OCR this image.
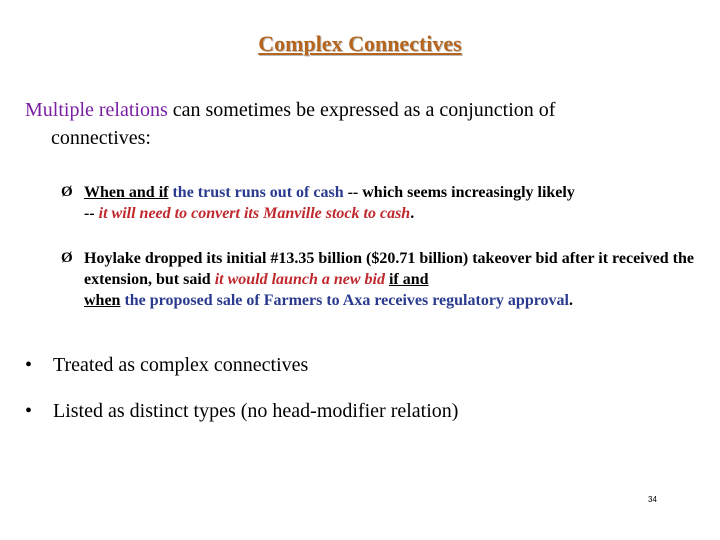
Complex Connectives
Multiple relations can sometimes be expressed as a conjunction of
connectives:
Ø When and if the trust runs out of cash -- which seems increasingly likely
-- it will need to convert its Manville stock to cash.
Ø Hoylake dropped its initial #13.35 billion ($20.71 billion) takeover bid after it received the extension, but said it would launch a new bid if and
when the proposed sale of Farmers to Axa receives regulatory approval.
• Treated as complex connectives
• Listed as distinct types (no head-modifier relation)
34
